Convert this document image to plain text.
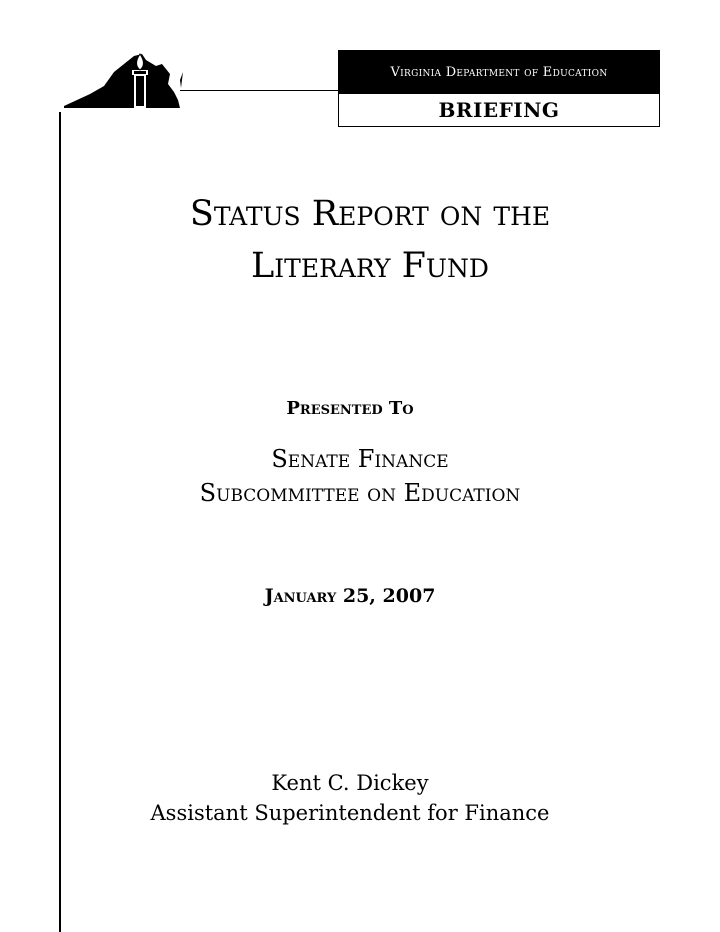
Virginia Department of Education
BRIEFING
Status Report on the
Literary Fund
Presented To
Senate Finance
Subcommittee on Education
January 25, 2007
Kent C. Dickey
Assistant Superintendent for Finance
